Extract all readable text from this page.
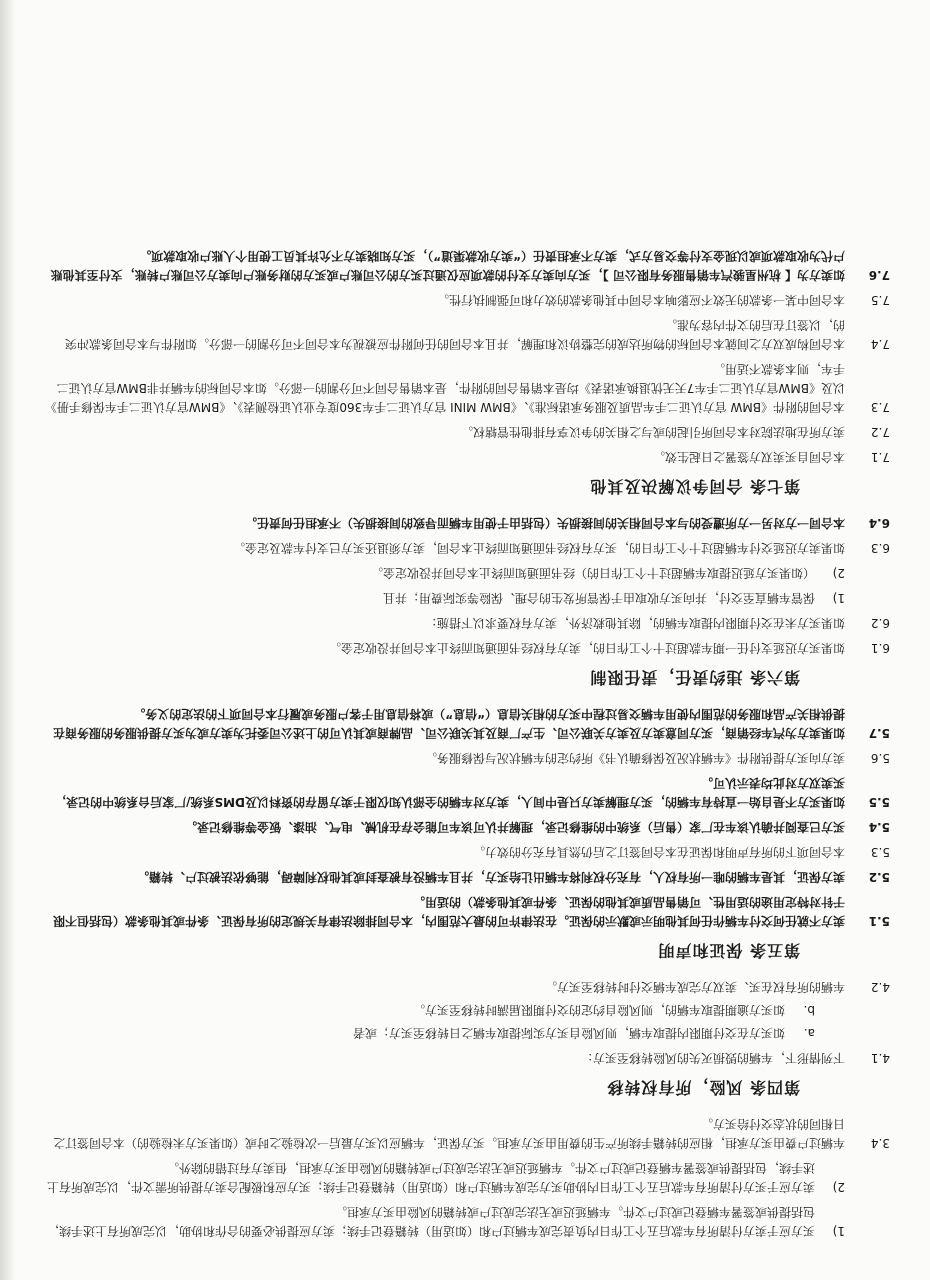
1)
买方应于卖方付清所有车款后五个工作日内负责完成车辆过户和（如适用）转籍登记手续；卖方应提供必要的合作和协助，以完成所有上述手续，包括提供或签署车辆登记或过户文件。车辆延迟或无法完成过户或转籍的风险由买方承担。
2)
卖方应于买方付清所有车款后五个工作日内协助买方完成车辆过户和（如适用）转籍登记手续；买方应积极配合卖方提供所需文件，以完成所有上述手续，包括提供或签署车辆登记或过户文件。车辆延迟或无法完成过户或转籍的风险由买方承担，但卖方有过错的除外。
3.4
车辆过户费由买方承担，相应的转籍手续所产生的费用由买方承担。买方保证，车辆应以买方最后一次检验之时或（如果买方未检验的）本合同签订之日相同的状态交付给买方。
第四条 风险，所有权转移
4.1
下列情形下，车辆的毁损灭失的风险转移至买方：
a.
如买方在交付期限内提取车辆，则风险自买方实际提取车辆之日转移至买方；或者
b.
如买方逾期提取车辆的，则风险自约定的交付期限届满时转移至买方。
4.2
车辆的所有权在买、卖双方完成车辆交付时转移至买方。
第五条 保证和声明
5.1
卖方不就任何交付车辆作任何其他明示或默示的保证。在法律许可的最大范围内，本合同排除法律有关规定的所有保证、条件或其他条款（包括但不限于针对特定用途的适用性、可销售品质或其他的保证、条件或其他条款）的适用。
5.2
卖方保证，其是车辆的唯一所有权人，有充分权利将车辆出让给买方，并且车辆没有被查封或其他权利障碍，能够依法被过户、转籍。
5.3
本合同项下的所有声明和保证在本合同签订之后仍然具有充分的效力。
5.4
买方已查阅并确认该车在厂家（售后）系统中的维修记录，理解并认可该车可能会存在机械、电气、油漆、钣金等维修记录。
5.5
如果买方不是自始一直持有车辆的，买方理解卖方只是中间人，卖方对车辆的全部认知仅限于卖方留存的资料以及DMS系统/厂家后台系统中的记录，买卖双方对此均表示认可。
5.6
卖方向买方提供附件《车辆状况及保修确认书》所约定的车辆状况与保修服务。
5.7
如果卖方为汽车经销商，买方同意卖方及卖方关联公司、生产厂商及其关联公司、品牌商或其认可的上述公司委托为卖方或为买方提供服务的服务商在提供相关产品和服务的范围内使用车辆交易过程中买方的相关信息（“信息”）或将信息用于客户服务或履行本合同项下的法定的义务。
第六条 违约责任，责任限制
6.1
如果买方迟延支付任一期车款超过十个工作日的，卖方有权经书面通知而终止本合同并没收定金。
6.2
如果买方未在交付期限内提取车辆的，除其他救济外，卖方有权要求以下措施：
1)
保管车辆直至交付，并向买方收取由于保管所发生的合理、保险等实际费用；并且
2)
（如果买方延迟提取车辆超过十个工作日的）经书面通知而终止本合同并没收定金。
6.3
如果卖方迟延交付车辆超过十个工作日的，买方有权经书面通知而终止本合同，卖方须退还买方已支付车款及定金。
6.4
本合同一方对另一方所遭受的与本合同相关的间接损失（包括由于使用车辆而导致的间接损失）不承担任何责任。
第七条 合同争议解决及其他
7.1
本合同自买卖双方签署之日起生效。
7.2
卖方所在地法院对本合同所引起的或与之相关的争议享有排他性管辖权。
7.3
本合同的附件《BMW 官方认证二手车品质及服务承诺标准》、《BMW MINI 官方认证二手车360度专业认证检测表》、《BMW官方认证二手车保修手册》以及《BMW官方认证二手车7天无忧退换承诺表》均是本销售合同的附件，是本销售合同不可分割的一部分。如本合同标的车辆并非BMW官方认证二手车，则本条款不适用。
7.4
本合同构成双方之间就本合同标的物所达成的完整协议和理解，并且本合同的任何附件应被视为本合同不可分割的一部分。如附件与本合同条款冲突的，以签订在后的文件内容为准。
7.5
本合同中某一条款的无效不应影响本合同中其他条款的效力和可强制执行性。
7.6
如卖方为【 杭州星骏汽车销售服务有限公司 】，买方向卖方支付的款项应仅通过买方的公司账户或买方的财务账户向卖方公司账户转账，支付至其他账户代为收取款项或以现金支付等交易方式，卖方不承担责任（“卖方收款渠道”），买方知晓卖方不允许其员工使用个人账户收取款项。
